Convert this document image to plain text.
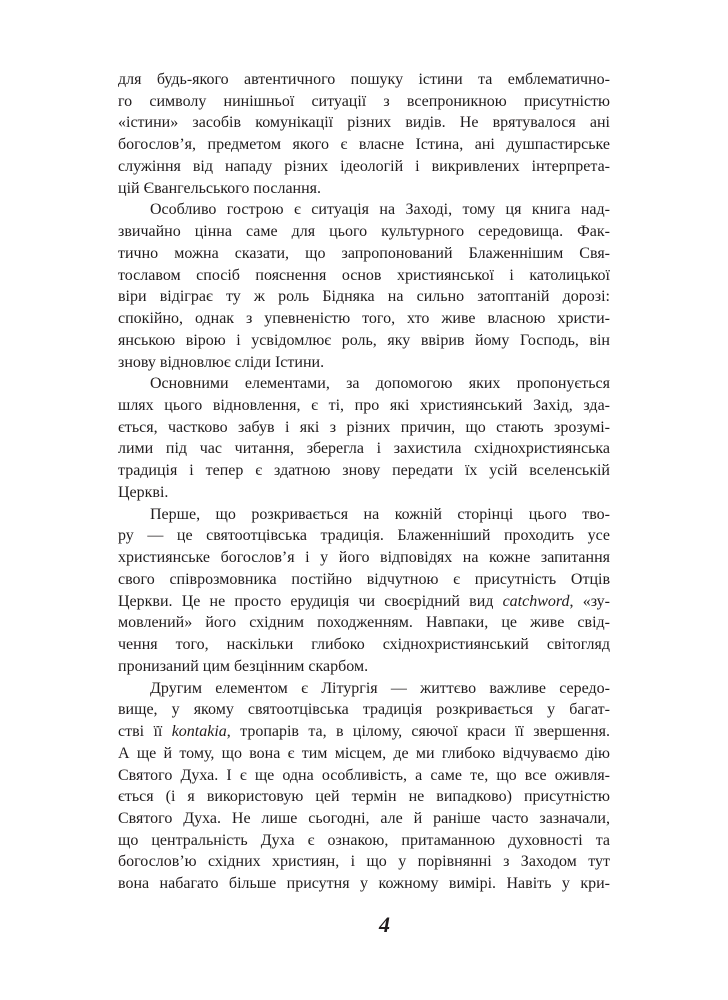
для будь-якого автентичного пошуку істини та емблематично-
го символу нинішньої ситуації з всепроникною присутністю
«істини» засобів комунікації різних видів. Не врятувалося ані
богослов’я, предметом якого є власне Істина, ані душпастирське
служіння від нападу різних ідеологій і викривлених інтерпрета-
цій Євангельського послання.
Особливо гострою є ситуація на Заході, тому ця книга над-
звичайно цінна саме для цього культурного середовища. Фак-
тично можна сказати, що запропонований Блаженнішим Свя-
тославом спосіб пояснення основ християнської і католицької
віри відіграє ту ж роль Бідняка на сильно затоптаній дорозі:
спокійно, однак з упевненістю того, хто живе власною христи-
янською вірою і усвідомлює роль, яку ввірив йому Господь, він
знову відновлює сліди Істини.
Основними елементами, за допомогою яких пропонується
шлях цього відновлення, є ті, про які християнський Захід, зда-
ється, частково забув і які з різних причин, що стають зрозумі-
лими під час читання, зберегла і захистила східнохристиянська
традиція і тепер є здатною знову передати їх усій вселенській
Церкві.
Перше, що розкривається на кожній сторінці цього тво-
ру — це святоотцівська традиція. Блаженніший проходить усе
християнське богослов’я і у його відповідях на кожне запитання
свого співрозмовника постійно відчутною є присутність Отців
Церкви. Це не просто ерудиція чи своєрідний вид catchword, «зу-
мовлений» його східним походженням. Навпаки, це живе свід-
чення того, наскільки глибоко східнохристиянський світогляд
пронизаний цим безцінним скарбом.
Другим елементом є Літургія — життєво важливе середо-
вище, у якому святоотцівська традиція розкривається у багат-
стві її kontakia, тропарів та, в цілому, сяючої краси її звершення.
А ще й тому, що вона є тим місцем, де ми глибоко відчуваємо дію
Святого Духа. І є ще одна особливість, а саме те, що все оживля-
ється (і я використовую цей термін не випадково) присутністю
Святого Духа. Не лише сьогодні, але й раніше часто зазначали,
що центральність Духа є ознакою, притаманною духовності та
богослов’ю східних християн, і що у порівнянні з Заходом тут
вона набагато більше присутня у кожному вимірі. Навіть у кри-
4
